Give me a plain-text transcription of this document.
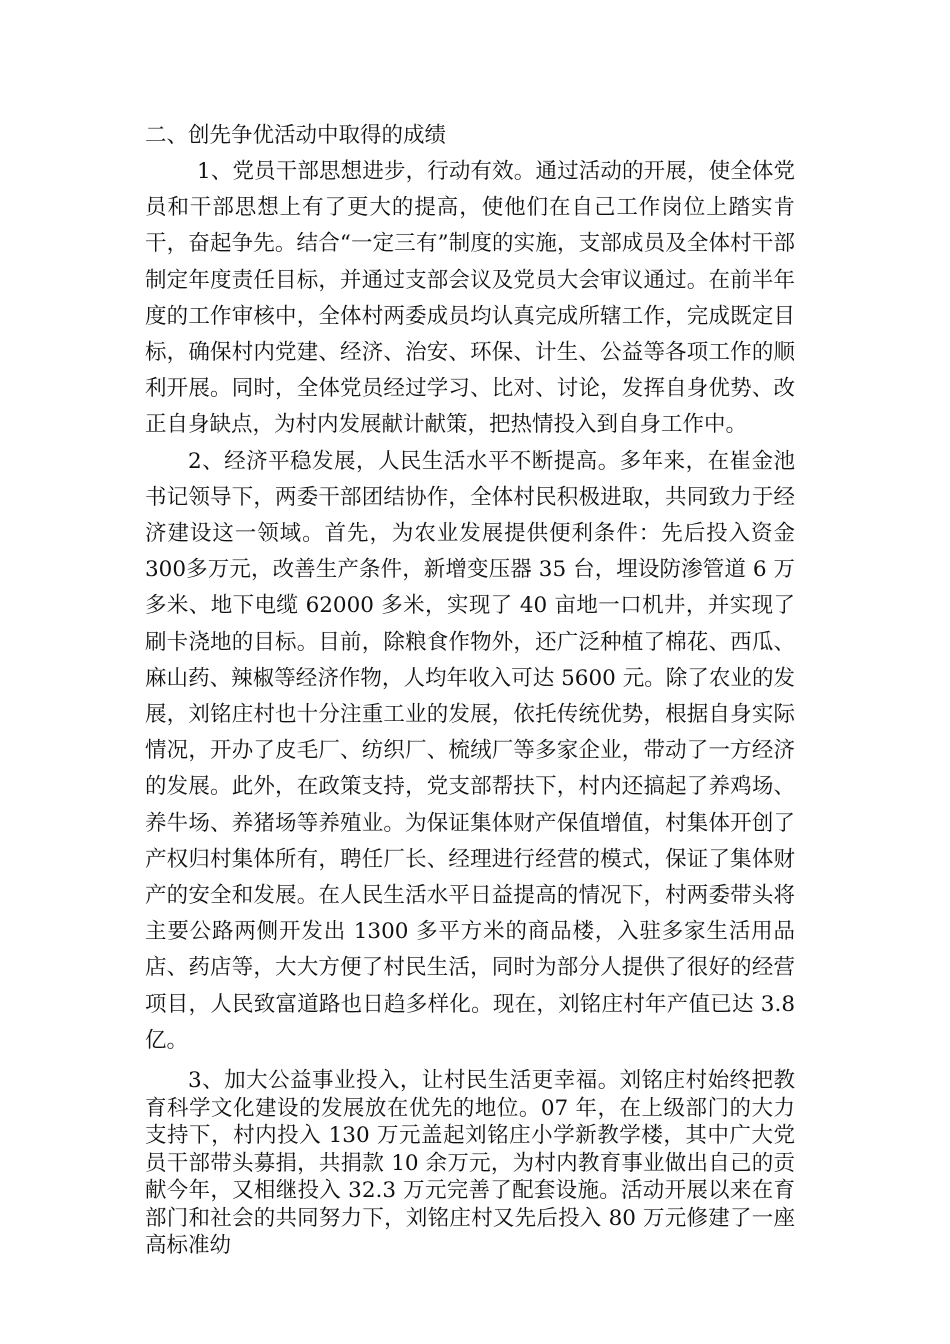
二、创先争优活动中取得的成绩

1、党员干部思想进步，行动有效。通过活动的开展，使全体党员和干部思想上有了更大的提高，使他们在自己工作岗位上踏实肯干，奋起争先。结合“一定三有”制度的实施，支部成员及全体村干部制定年度责任目标，并通过支部会议及党员大会审议通过。在前半年度的工作审核中，全体村两委成员均认真完成所辖工作，完成既定目标，确保村内党建、经济、治安、环保、计生、公益等各项工作的顺利开展。同时，全体党员经过学习、比对、讨论，发挥自身优势、改正自身缺点，为村内发展献计献策，把热情投入到自身工作中。

2、经济平稳发展，人民生活水平不断提高。多年来，在崔金池书记领导下，两委干部团结协作，全体村民积极进取，共同致力于经济建设这一领域。首先，为农业发展提供便利条件：先后投入资金 300多万元，改善生产条件，新增变压器 35 台，埋设防渗管道 6 万多米、地下电缆 62000 多米，实现了 40 亩地一口机井，并实现了刷卡浇地的目标。目前，除粮食作物外，还广泛种植了棉花、西瓜、麻山药、辣椒等经济作物，人均年收入可达 5600 元。除了农业的发展，刘铭庄村也十分注重工业的发展，依托传统优势，根据自身实际情况，开办了皮毛厂、纺织厂、梳绒厂等多家企业，带动了一方经济的发展。此外，在政策支持，党支部帮扶下，村内还搞起了养鸡场、养牛场、养猪场等养殖业。为保证集体财产保值增值，村集体开创了产权归村集体所有，聘任厂长、经理进行经营的模式，保证了集体财产的安全和发展。在人民生活水平日益提高的情况下，村两委带头将主要公路两侧开发出 1300 多平方米的商品楼，入驻多家生活用品店、药店等，大大方便了村民生活，同时为部分人提供了很好的经营项目，人民致富道路也日趋多样化。现在，刘铭庄村年产值已达 3.8 亿。

3、加大公益事业投入，让村民生活更幸福。刘铭庄村始终把教育科学文化建设的发展放在优先的地位。07 年，在上级部门的大力支持下，村内投入 130 万元盖起刘铭庄小学新教学楼，其中广大党员干部带头募捐，共捐款 10 余万元，为村内教育事业做出自己的贡献今年，又相继投入 32.3 万元完善了配套设施。活动开展以来在育部门和社会的共同努力下，刘铭庄村又先后投入 80 万元修建了一座高标准幼
